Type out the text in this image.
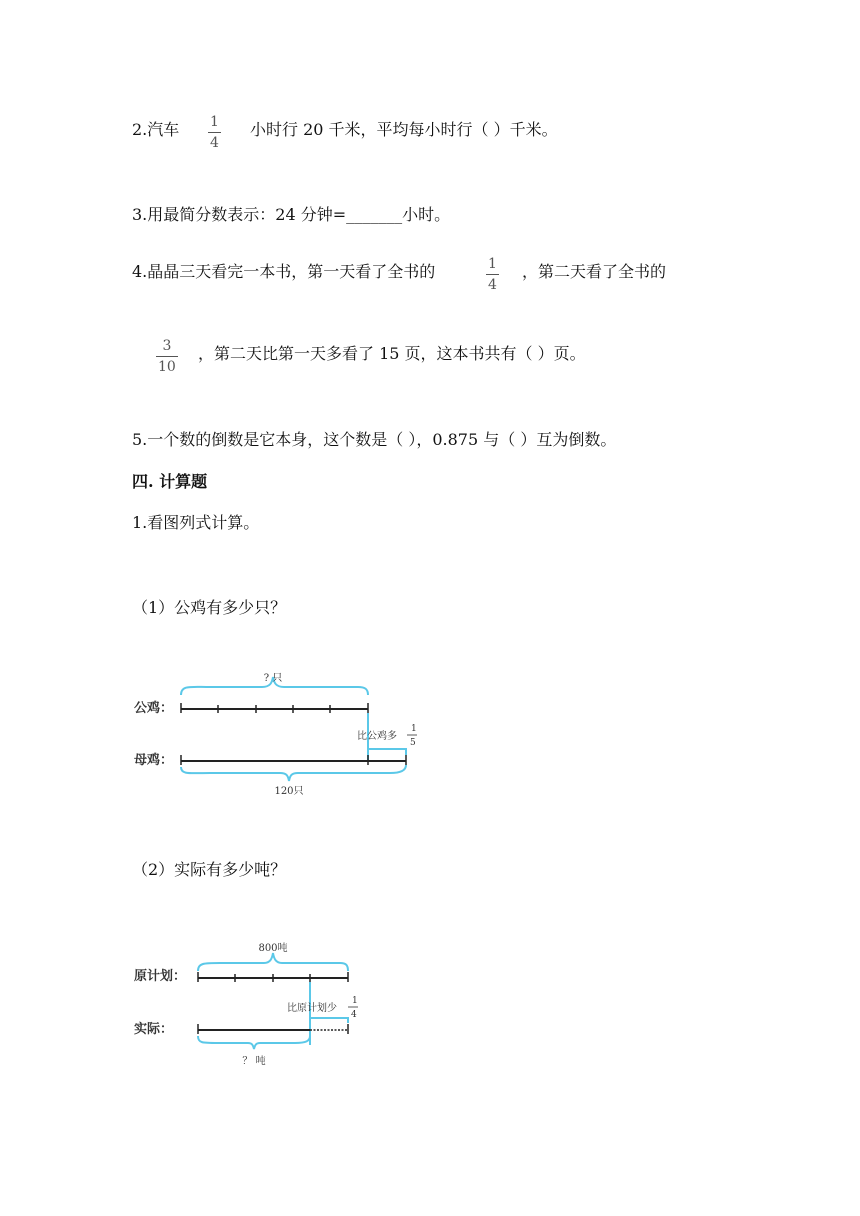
2.汽车 1
4
小时行 20 千米，平均每小时行（ ）千米。
3.用最简分数表示：24 分钟=_______小时。
4.晶晶三天看完一本书，第一天看了全书的	1
4
，第二天看了全书的
3
10
，第二天比第一天多看了 15 页，这本书共有（ ）页。
5.一个数的倒数是它本身，这个数是（ ），0.875 与（ ）互为倒数。
四. 计算题
1.看图列式计算。
（1）公鸡有多少只？
? 只
公鸡：
比公鸡多
1
5
母鸡：
120只
（2）实际有多少吨？
800吨
原计划：
比原计划少
1
4
实际：
？ 吨
